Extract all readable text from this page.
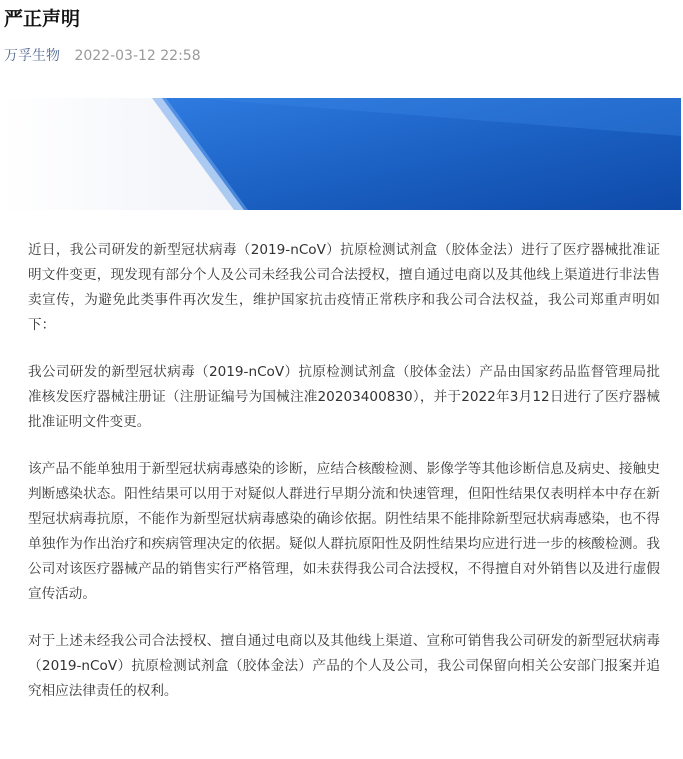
严正声明
万孚生物 2022-03-12 22:58

近日，我公司研发的新型冠状病毒（2019-nCoV）抗原检测试剂盒（胶体金法）进行了医疗器械批准证明文件变更，现发现有部分个人及公司未经我公司合法授权，擅自通过电商以及其他线上渠道进行非法售卖宣传，为避免此类事件再次发生，维护国家抗击疫情正常秩序和我公司合法权益，我公司郑重声明如下：

我公司研发的新型冠状病毒（2019-nCoV）抗原检测试剂盒（胶体金法）产品由国家药品监督管理局批准核发医疗器械注册证（注册证编号为国械注准20203400830），并于2022年3月12日进行了医疗器械批准证明文件变更。

该产品不能单独用于新型冠状病毒感染的诊断，应结合核酸检测、影像学等其他诊断信息及病史、接触史判断感染状态。阳性结果可以用于对疑似人群进行早期分流和快速管理，但阳性结果仅表明样本中存在新型冠状病毒抗原，不能作为新型冠状病毒感染的确诊依据。阴性结果不能排除新型冠状病毒感染，也不得单独作为作出治疗和疾病管理决定的依据。疑似人群抗原阳性及阴性结果均应进行进一步的核酸检测。我公司对该医疗器械产品的销售实行严格管理，如未获得我公司合法授权，不得擅自对外销售以及进行虚假宣传活动。

对于上述未经我公司合法授权、擅自通过电商以及其他线上渠道、宣称可销售我公司研发的新型冠状病毒（2019-nCoV）抗原检测试剂盒（胶体金法）产品的个人及公司，我公司保留向相关公安部门报案并追究相应法律责任的权利。
